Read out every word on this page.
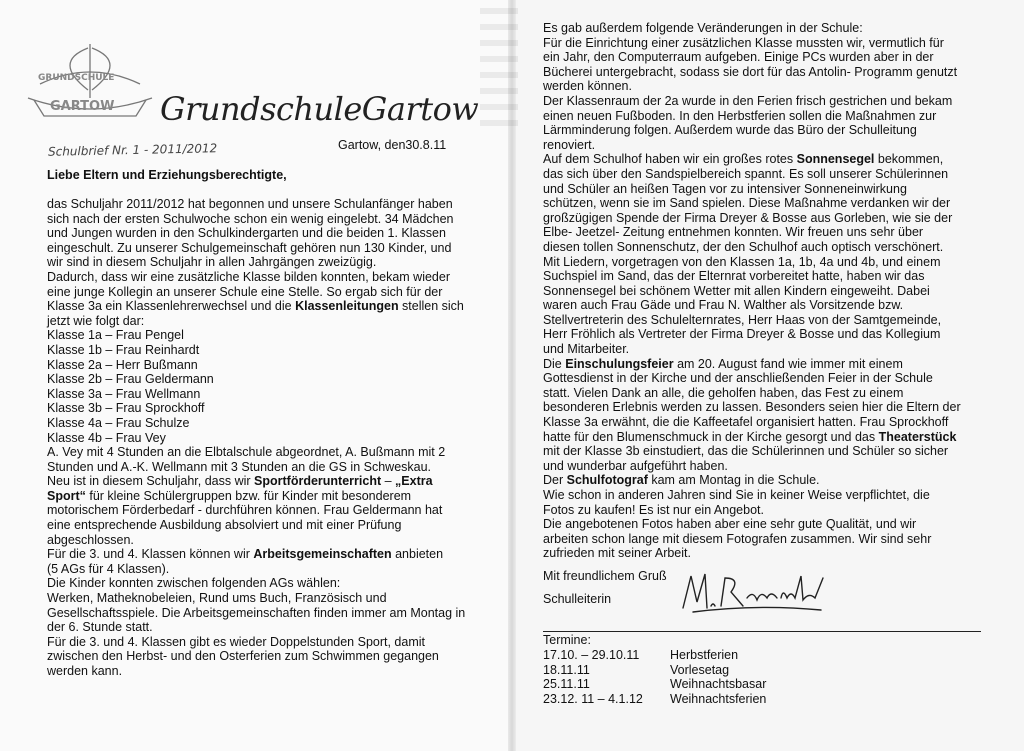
GRUNDSCHULE
GARTOW GrundschuleGartow
Gartow, den30.8.11
Schulbrief Nr. 1 - 2011/2012
Liebe Eltern und Erziehungsberechtigte,
das Schuljahr 2011/2012 hat begonnen und unsere Schulanfänger haben
sich nach der ersten Schulwoche schon ein wenig eingelebt. 34 Mädchen
und Jungen wurden in den Schulkindergarten und die beiden 1. Klassen
eingeschult. Zu unserer Schulgemeinschaft gehören nun 130 Kinder, und
wir sind in diesem Schuljahr in allen Jahrgängen zweizügig.
Dadurch, dass wir eine zusätzliche Klasse bilden konnten, bekam wieder
eine junge Kollegin an unserer Schule eine Stelle. So ergab sich für der
Klasse 3a ein Klassenlehrerwechsel und die Klassenleitungen stellen sich
jetzt wie folgt dar:
Klasse 1a – Frau Pengel
Klasse 1b – Frau Reinhardt
Klasse 2a – Herr Bußmann
Klasse 2b – Frau Geldermann
Klasse 3a – Frau Wellmann
Klasse 3b – Frau Sprockhoff
Klasse 4a – Frau Schulze
Klasse 4b – Frau Vey
A. Vey mit 4 Stunden an die Elbtalschule abgeordnet, A. Bußmann mit 2
Stunden und A.-K. Wellmann mit 3 Stunden an die GS in Schweskau.
Neu ist in diesem Schuljahr, dass wir Sportförderunterricht – „Extra
Sport“ für kleine Schülergruppen bzw. für Kinder mit besonderem
motorischem Förderbedarf - durchführen können. Frau Geldermann hat
eine entsprechende Ausbildung absolviert und mit einer Prüfung
abgeschlossen.
Für die 3. und 4. Klassen können wir Arbeitsgemeinschaften anbieten
(5 AGs für 4 Klassen).
Die Kinder konnten zwischen folgenden AGs wählen:
Werken, Matheknobeleien, Rund ums Buch, Französisch und
Gesellschaftsspiele. Die Arbeitsgemeinschaften finden immer am Montag in
der 6. Stunde statt.
Für die 3. und 4. Klassen gibt es wieder Doppelstunden Sport, damit
zwischen den Herbst- und den Osterferien zum Schwimmen gegangen
werden kann.
Es gab außerdem folgende Veränderungen in der Schule:
Für die Einrichtung einer zusätzlichen Klasse mussten wir, vermutlich für
ein Jahr, den Computerraum aufgeben. Einige PCs wurden aber in der
Bücherei untergebracht, sodass sie dort für das Antolin- Programm genutzt
werden können.
Der Klassenraum der 2a wurde in den Ferien frisch gestrichen und bekam
einen neuen Fußboden. In den Herbstferien sollen die Maßnahmen zur
Lärmminderung folgen. Außerdem wurde das Büro der Schulleitung
renoviert.
Auf dem Schulhof haben wir ein großes rotes Sonnensegel bekommen,
das sich über den Sandspielbereich spannt. Es soll unserer Schülerinnen
und Schüler an heißen Tagen vor zu intensiver Sonneneinwirkung
schützen, wenn sie im Sand spielen. Diese Maßnahme verdanken wir der
großzügigen Spende der Firma Dreyer & Bosse aus Gorleben, wie sie der
Elbe- Jeetzel- Zeitung entnehmen konnten. Wir freuen uns sehr über
diesen tollen Sonnenschutz, der den Schulhof auch optisch verschönert.
Mit Liedern, vorgetragen von den Klassen 1a, 1b, 4a und 4b, und einem
Suchspiel im Sand, das der Elternrat vorbereitet hatte, haben wir das
Sonnensegel bei schönem Wetter mit allen Kindern eingeweiht. Dabei
waren auch Frau Gäde und Frau N. Walther als Vorsitzende bzw.
Stellvertreterin des Schulelternrates, Herr Haas von der Samtgemeinde,
Herr Fröhlich als Vertreter der Firma Dreyer & Bosse und das Kollegium
und Mitarbeiter.
Die Einschulungsfeier am 20. August fand wie immer mit einem
Gottesdienst in der Kirche und der anschließenden Feier in der Schule
statt. Vielen Dank an alle, die geholfen haben, das Fest zu einem
besonderen Erlebnis werden zu lassen. Besonders seien hier die Eltern der
Klasse 3a erwähnt, die die Kaffeetafel organisiert hatten. Frau Sprockhoff
hatte für den Blumenschmuck in der Kirche gesorgt und das Theaterstück
mit der Klasse 3b einstudiert, das die Schülerinnen und Schüler so sicher
und wunderbar aufgeführt haben.
Der Schulfotograf kam am Montag in die Schule.
Wie schon in anderen Jahren sind Sie in keiner Weise verpflichtet, die
Fotos zu kaufen! Es ist nur ein Angebot.
Die angebotenen Fotos haben aber eine sehr gute Qualität, und wir
arbeiten schon lange mit diesem Fotografen zusammen. Wir sind sehr
zufrieden mit seiner Arbeit.
Mit freundlichem Gruß
Schulleiterin
Termine:
17.10. – 29.10.11 Herbstferien
18.11.11	Vorlesetag
25.11.11	Weihnachtsbasar
23.12. 11 – 4.1.12 Weihnachtsferien
